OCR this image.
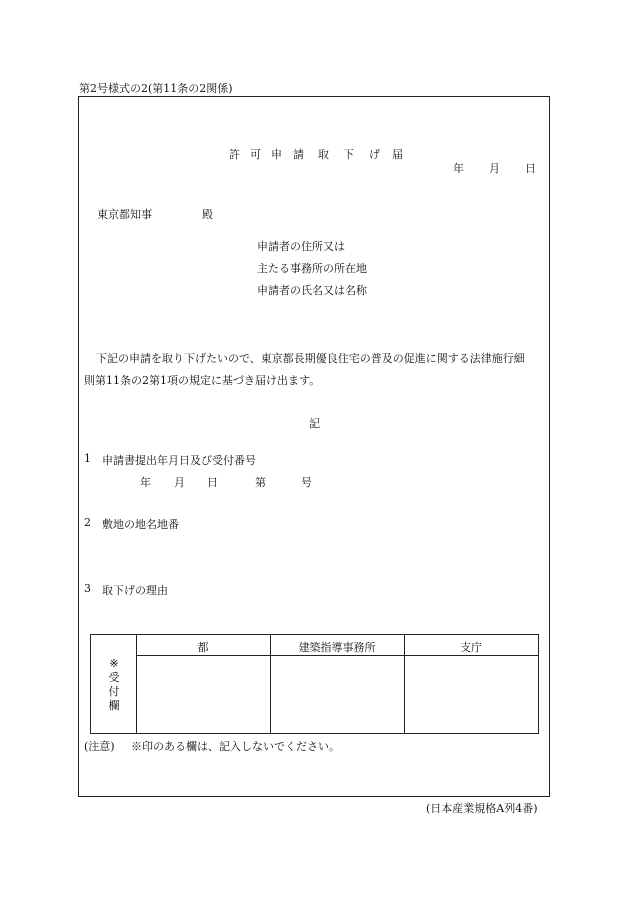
第2号様式の2(第11条の2関係)
許 可 申 請 取 下 げ 届
年 月 日
東京都知事	殿
申請者の住所又は
主たる事務所の所在地
申請者の氏名又は名称
下記の申請を取り下げたいので、東京都長期優良住宅の普及の促進に関する法律施行細
則第11条の2第1項の規定に基づき届け出ます。
記
1 申請書提出年月日及び受付番号
年 月 日	第	号
2 敷地の地名地番
3 取下げの理由
※
受
付
欄
都	建築指導事務所	支庁
(注意) ※印のある欄は、記入しないでください。
(日本産業規格A列4番)
